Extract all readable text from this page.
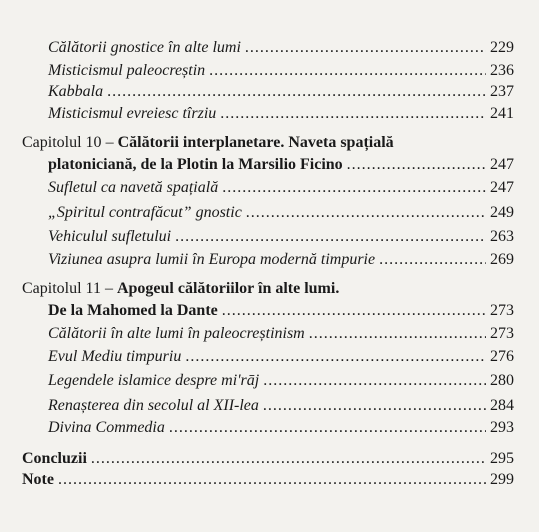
Călătorii gnostice în alte lumi .....	229
Misticismul paleocreștin .....	236
Kabbala .....	237
Misticismul evreiesc tîrziu .....	241
Capitolul 10 – Călătorii interplanetare. Naveta spațială
platoniciană, de la Plotin la Marsilio Ficino .....	247
Sufletul ca navetă spațială .....	247
„Spiritul contrafăcut” gnostic .....	249
Vehiculul sufletului .....	263
Viziunea asupra lumii în Europa modernă timpurie .....	269
Capitolul 11 – Apogeul călătoriilor în alte lumi.
De la Mahomed la Dante .....	273
Călătorii în alte lumi în paleocreștinism .....	273
Evul Mediu timpuriu .....	276
Legendele islamice despre mi'rāj .....	280
Renașterea din secolul al XII-lea .....	284
Divina Commedia .....	293
Concluzii .....	295
Note .....	299
